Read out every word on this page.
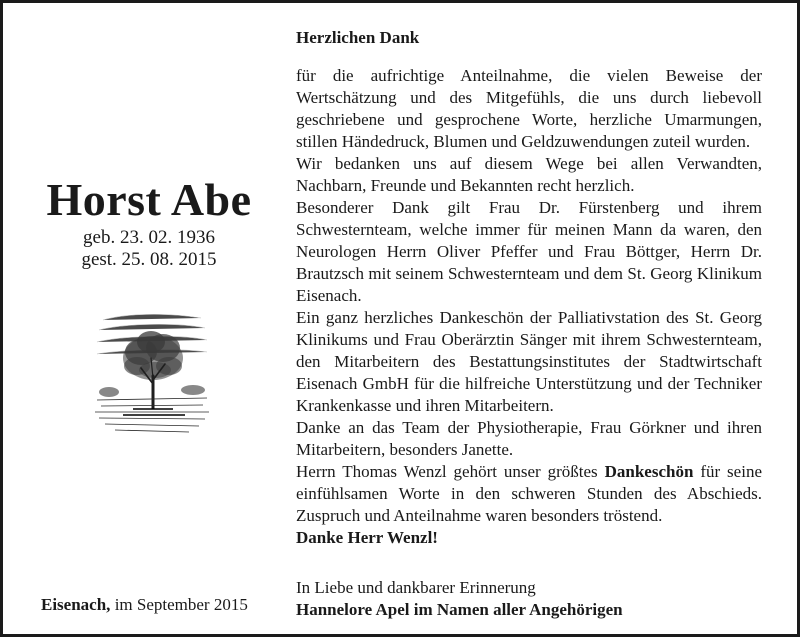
Horst Abe
geb. 23. 02. 1936
gest. 25. 08. 2015
Eisenach, im September 2015
Herzlichen Dank

für die aufrichtige Anteilnahme, die vielen Beweise der Wertschätzung und des Mitgefühls, die uns durch liebevoll geschriebene und gesprochene Worte, herzliche Umarmungen, stillen Händedruck, Blumen und Geldzuwendungen zuteil wurden.

Wir bedanken uns auf diesem Wege bei allen Verwandten, Nachbarn, Freunde und Bekannten recht herzlich.

Besonderer Dank gilt Frau Dr. Fürstenberg und ihrem Schwesternteam, welche immer für meinen Mann da waren, den Neurologen Herrn Oliver Pfeffer und Frau Böttger, Herrn Dr. Brautzsch mit seinem Schwesternteam und dem St. Georg Klinikum Eisenach.

Ein ganz herzliches Dankeschön der Palliativstation des St. Georg Klinikums und Frau Oberärztin Sänger mit ihrem Schwesternteam, den Mitarbeitern des Bestattungsinstitutes der Stadtwirtschaft Eisenach GmbH für die hilfreiche Unterstützung und der Techniker Krankenkasse und ihren Mitarbeitern.

Danke an das Team der Physiotherapie, Frau Görkner und ihren Mitarbeitern, besonders Janette.

Herrn Thomas Wenzl gehört unser größtes Dankeschön für seine einfühlsamen Worte in den schweren Stunden des Abschieds. Zuspruch und Anteilnahme waren besonders tröstend.

Danke Herr Wenzl!

In Liebe und dankbarer Erinnerung
Hannelore Apel im Namen aller Angehörigen
